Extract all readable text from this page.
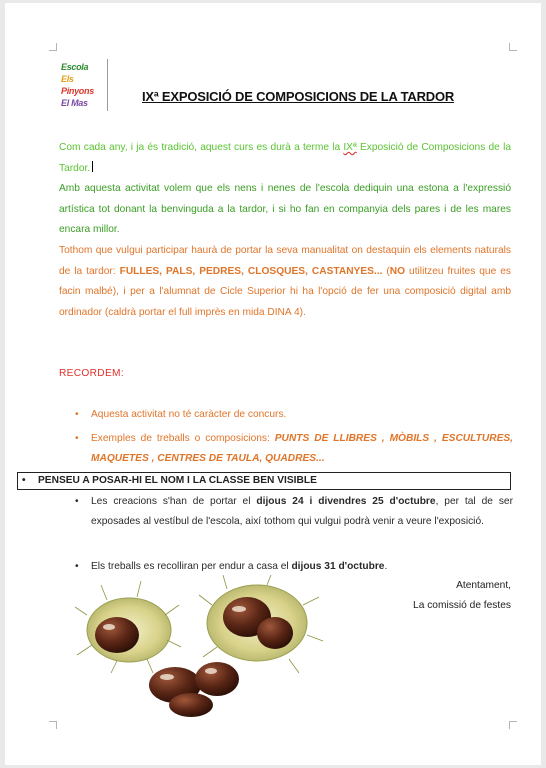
Escola
Els
Pinyons
El Mas	IXª EXPOSICIÓ DE COMPOSICIONS DE LA TARDOR
Com cada any, i ja és tradició, aquest curs es durà a terme la IXª Exposició de Composicions de la Tardor.
Amb aquesta activitat volem que els nens i nenes de l'escola dediquin una estona a l'expressió artística tot donant la benvinguda a la tardor, i si ho fan en companyia dels pares i de les mares encara millor.
Tothom que vulgui participar haurà de portar la seva manualitat on destaquin els elements naturals de la tardor: FULLES, PALS, PEDRES, CLOSQUES, CASTANYES... (NO utilitzeu fruites que es facin malbé), i per a l'alumnat de Cicle Superior hi ha l'opció de fer una composició digital amb ordinador (caldrà portar el full imprès en mida DINA 4).
RECORDEM:
• Aquesta activitat no té caràcter de concurs.
• Exemples de treballs o composicions: PUNTS DE LLIBRES , MÒBILS , ESCULTURES, MAQUETES , CENTRES DE TAULA, QUADRES...
• PENSEU A POSAR-HI EL NOM I LA CLASSE BEN VISIBLE
• Les creacions s'han de portar el dijous 24 i divendres 25 d'octubre, per tal de ser exposades al vestíbul de l'escola, així tothom qui vulgui podrà venir a veure l'exposició.
• Els treballs es recolliran per endur a casa el dijous 31 d'octubre.
Atentament,
La comissió de festes
